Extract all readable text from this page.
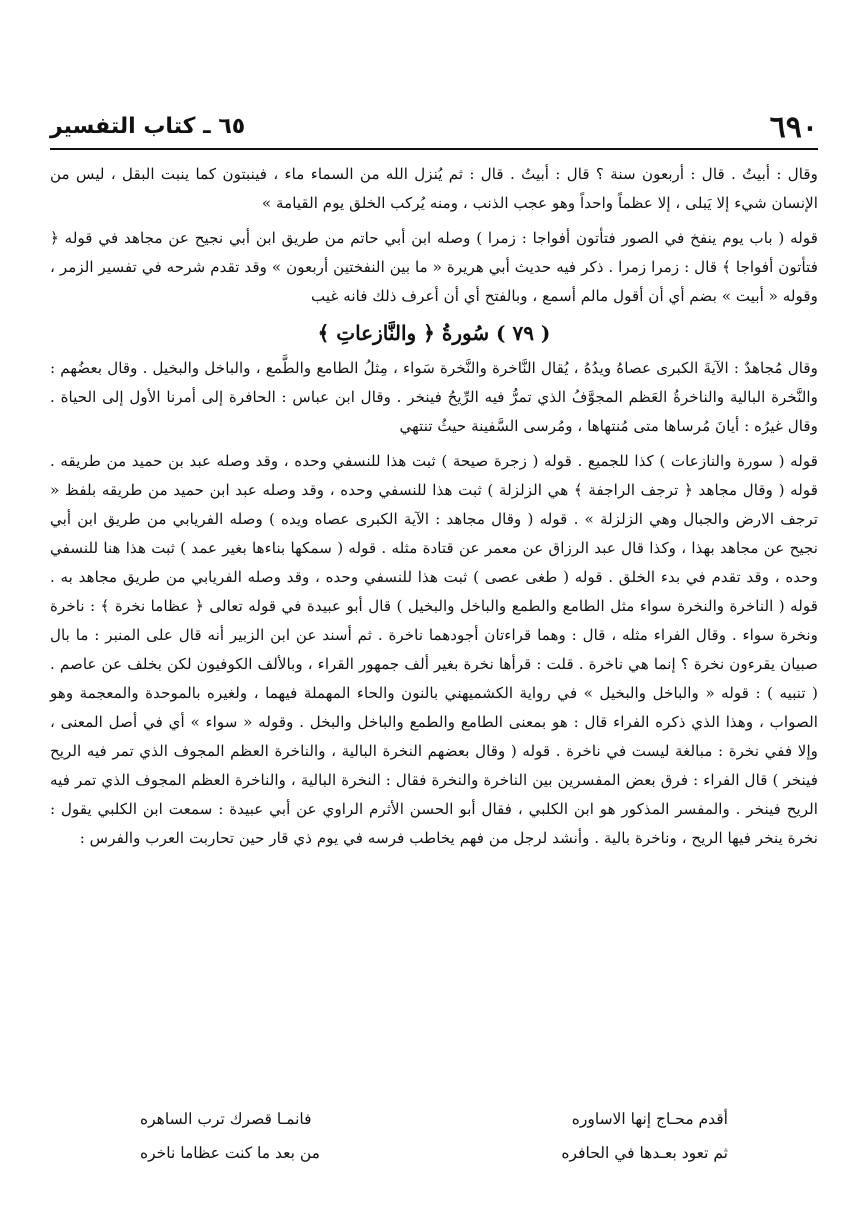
٦٩٠
٦٥ ـ كتاب التفسير

وقال : أبيتُ . قال : أربعون سنة ؟ قال : أبيتُ . قال : ثم يُنزل الله من السماء ماء ، فينبتون كما ينبت البقل ، ليس من الإنسان شيء إلا يَبلى ، إلا عظماً واحداً وهو عجب الذنب ، ومنه يُركب الخلق يوم القيامة »

قوله ( باب يوم ينفخ في الصور فتأتون أفواجا : زمرا ) وصله ابن أبي حاتم من طريق ابن أبي نجيح عن مجاهد في قوله ﴿ فتأتون أفواجا ﴾ قال : زمرا زمرا . ذكر فيه حديث أبي هريرة « ما بين النفختين أربعون » وقد تقدم شرحه في تفسير الزمر ، وقوله « أبيت » بضم أي أن أقول مالم أسمع ، وبالفتح أي أن أعرف ذلك فانه غيب

( ٧٩ ) سُورةُ ﴿ والنَّازعاتِ ﴾

وقال مُجاهدٌ : الآيةَ الكبرى عصاهُ ويدُهُ ، يُقال النَّاخرة والنَّخرة سَواء ، مِثلُ الطامع والطَّمع ، والباخل والبخيل . وقال بعضُهم : والنَّخرة البالية والناخرةُ العَظم المجوَّفُ الذي تمرُّ فيه الرِّيحُ فينخر . وقال ابن عباس : الحافرة إلى أمرنا الأول إلى الحياة . وقال غيرُه : أيانَ مُرساها متى مُنتهاها ، ومُرسى السَّفينة حيثُ تنتهي

قوله ( سورة والنازعات ) كذا للجميع . قوله ( زجرة صيحة ) ثبت هذا للنسفي وحده ، وقد وصله عبد بن حميد من طريقه . قوله ( وقال مجاهد ﴿ ترجف الراجفة ﴾ هي الزلزلة ) ثبت هذا للنسفي وحده ، وقد وصله عبد ابن حميد من طريقه بلفظ « ترجف الارض والجبال وهي الزلزلة » . قوله ( وقال مجاهد : الآية الكبرى عصاه ويده ) وصله الفريابي من طريق ابن أبي نجيح عن مجاهد بهذا ، وكذا قال عبد الرزاق عن معمر عن قتادة مثله . قوله ( سمكها بناءها بغير عمد ) ثبت هذا هنا للنسفي وحده ، وقد تقدم في بدء الخلق . قوله ( طغى عصى ) ثبت هذا للنسفي وحده ، وقد وصله الفريابي من طريق مجاهد به . قوله ( الناخرة والنخرة سواء مثل الطامع والطمع والباخل والبخيل ) قال أبو عبيدة في قوله تعالى ﴿ عظاما نخرة ﴾ : ناخرة ونخرة سواء . وقال الفراء مثله ، قال : وهما قراءتان أجودهما ناخرة . ثم أسند عن ابن الزبير أنه قال على المنبر : ما بال صبيان يقرءون نخرة ؟ إنما هي ناخرة . قلت : قرأها نخرة بغير ألف جمهور القراء ، وبالألف الكوفيون لكن بخلف عن عاصم . ( تنبيه ) : قوله « والباخل والبخيل » في رواية الكشميهني بالنون والحاء المهملة فيهما ، ولغيره بالموحدة والمعجمة وهو الصواب ، وهذا الذي ذكره الفراء قال : هو بمعنى الطامع والطمع والباخل والبخل . وقوله « سواء » أي في أصل المعنى ، وإلا ففي نخرة : مبالغة ليست في ناخرة . قوله ( وقال بعضهم النخرة البالية ، والناخرة العظم المجوف الذي تمر فيه الريح فينخر ) قال الفراء : فرق بعض المفسرين بين الناخرة والنخرة فقال : النخرة البالية ، والناخرة العظم المجوف الذي تمر فيه الريح فينخر . والمفسر المذكور هو ابن الكلبي ، فقال أبو الحسن الأثرم الراوي عن أبي عبيدة : سمعت ابن الكلبي يقول : نخرة ينخر فيها الريح ، وناخرة بالية . وأنشد لرجل من فهم يخاطب فرسه في يوم ذي قار حين تحاربت العرب والفرس :

أقدم محـاج إنها الاساوره
فانمـا قصرك ترب الساهره
ثم تعود بعـدها في الحافره
من بعد ما كنت عظاما ناخره
